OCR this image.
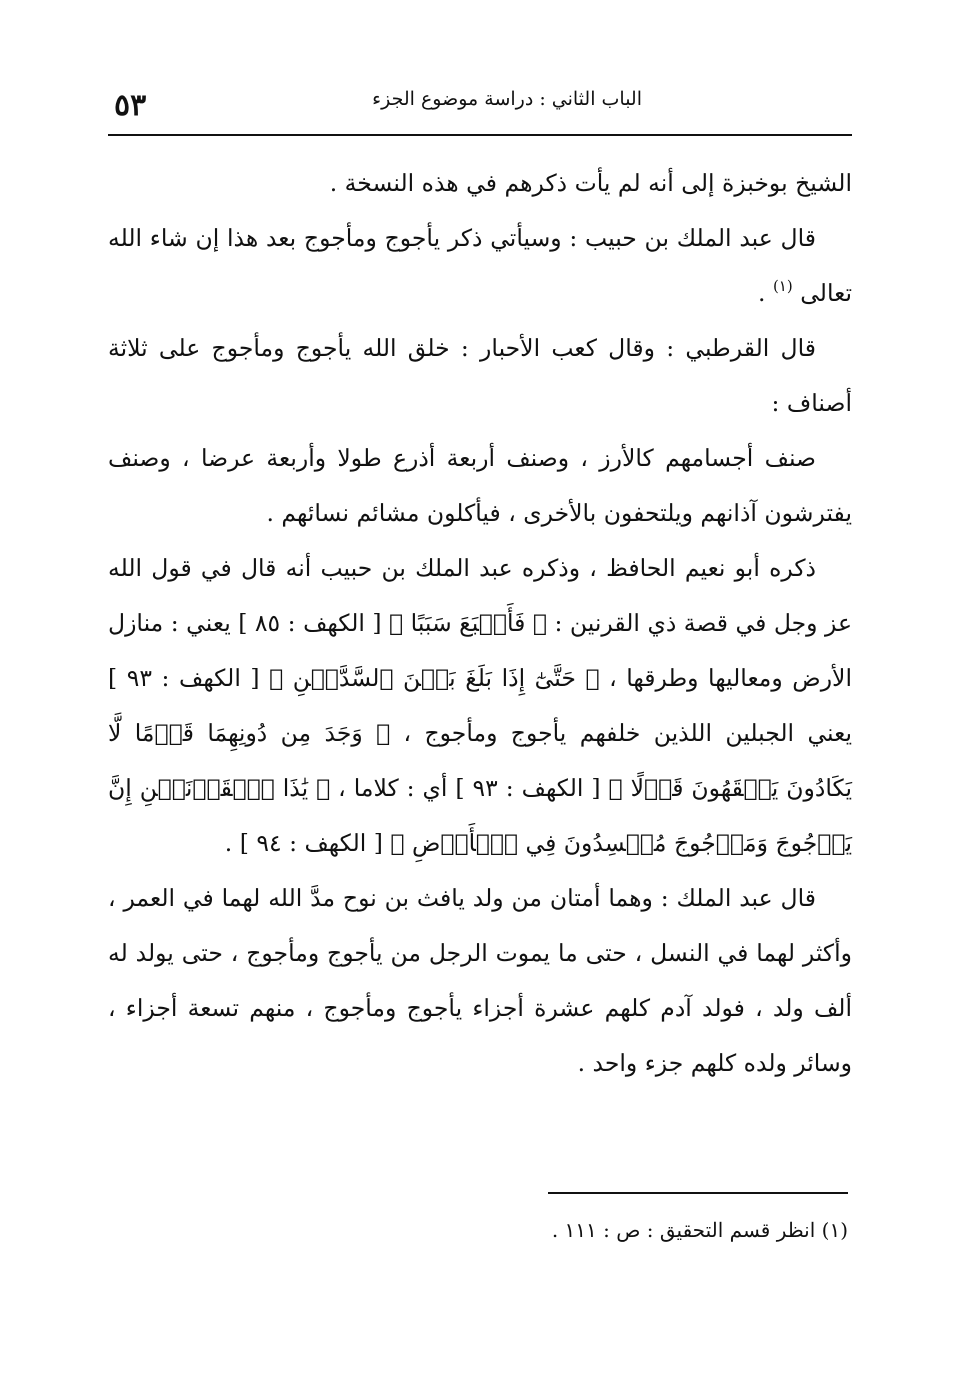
الباب الثاني : دراسة موضوع الجزء
٥٣

الشيخ بوخبزة إلى أنه لم يأت ذكرهم في هذه النسخة .

قال عبد الملك بن حبيب : وسيأتي ذكر يأجوج ومأجوج بعد هذا إن شاء الله تعالى $^{(١)}$ .

قال القرطبي : وقال كعب الأحبار : خلق الله يأجوج ومأجوج على ثلاثة أصناف :

صنف أجسامهم كالأرز ، وصنف أربعة أذرع طولا وأربعة عرضا ، وصنف يفترشون آذانهم ويلتحفون بالأخرى ، فيأكلون مشائم نسائهم .

ذكره أبو نعيم الحافظ ، وذكره عبد الملك بن حبيب أنه قال في قول الله عز وجل في قصة ذي القرنين : ﴿ فَأَتۡبَعَ سَبَبًا ﴾ [ الكهف : ٨٥ ] يعني : منازل الأرض ومعاليها وطرقها ، ﴿ حَتَّىٰٓ إِذَا بَلَغَ بَيۡنَ ٱلسَّدَّيۡنِ ﴾ [ الكهف : ٩٣ ] يعني الجبلين اللذين خلفهم يأجوج ومأجوج ، ﴿ وَجَدَ مِن دُونِهِمَا قَوۡمًا لَّا يَكَادُونَ يَفۡقَهُونَ قَوۡلًا ﴾ [ الكهف : ٩٣ ] أي : كلاما ، ﴿ يَٰذَا ٱلۡقَرۡنَيۡنِ إِنَّ يَأۡجُوجَ وَمَأۡجُوجَ مُفۡسِدُونَ فِي ٱلۡأَرۡضِ ﴾ [ الكهف : ٩٤ ] .

قال عبد الملك : وهما أمتان من ولد يافث بن نوح مدَّ الله لهما في العمر ، وأكثر لهما في النسل ، حتى ما يموت الرجل من يأجوج ومأجوج ، حتى يولد له ألف ولد ، فولد آدم كلهم عشرة أجزاء يأجوج ومأجوج ، منهم تسعة أجزاء ، وسائر ولده كلهم جزء واحد .

(١) انظر قسم التحقيق : ص : ١١١ .
